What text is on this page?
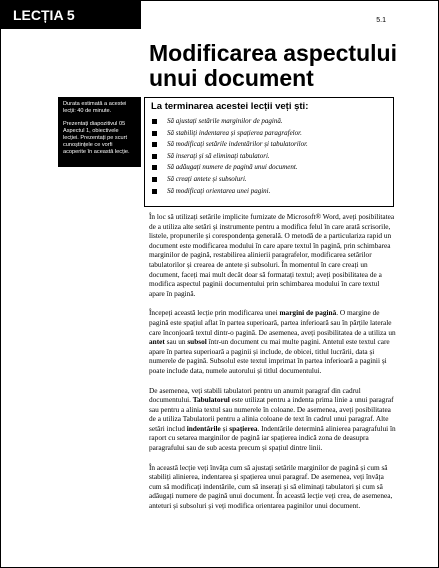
LECȚIA 5	5.1
Modificarea aspectului unui document

Durata estimată a acestei lecții: 40 de minute.

Prezentați diapozitivul 05 Aspectul 1, obiectivele lecției. Prezentați pe scurt cunoștințele ce vorfi acoperite în această lecție.

La terminarea acestei lecții veți ști:
Să ajustați setările marginilor de pagină.
Să stabiliți indentarea și spațierea paragrafelor.
Să modificați setările indentărilor și tabulatorilor.
Să inserați și să eliminați tabulatori.
Să adăugați numere de pagină unui document.
Să creați antete și subsoluri.
Să modificați orientarea unei pagini.

În loc să utilizați setările implicite furnizate de Microsoft® Word, aveți posibilitatea de a utiliza alte setări și instrumente pentru a modifica felul în care arată scrisorile, listele, propunerile și corespondența generală. O metodă de a particulariza rapid un document este modificarea modului în care apare textul în pagină, prin schimbarea marginilor de pagină, restabilirea alinierii paragrafelor, modificarea setărilor tabulatorilor și crearea de antete și subsoluri. În momentul în care creați un document, faceți mai mult decât doar să formatați textul; aveți posibilitatea de a modifica aspectul paginii documentului prin schimbarea modului în care textul apare în pagină.

Începeți această lecție prin modificarea unei margini de pagină. O margine de pagină este spațiul aflat în partea superioară, partea inferioară sau în părțile laterale care înconjoară textul dintr-o pagină. De asemenea, aveți posibilitatea de a utiliza un antet sau un subsol într-un document cu mai multe pagini. Antetul este textul care apare în partea superioară a paginii și include, de obicei, titlul lucrării, data și numerele de pagină. Subsolul este textul imprimat în partea inferioară a paginii și poate include data, numele autorului și titlul documentului.

De asemenea, veți stabili tabulatori pentru un anumit paragraf din cadrul documentului. Tabulatorul este utilizat pentru a indenta prima linie a unui paragraf sau pentru a alinia textul sau numerele în coloane. De asemenea, aveți posibilitatea de a utiliza Tabulatorii pentru a alinia coloane de text în cadrul unui paragraf. Alte setări includ indentările și spațierea. Indentările determină alinierea paragrafului în raport cu setarea marginilor de pagină iar spațierea indică zona de deasupra paragrafului sau de sub acesta precum și spațiul dintre linii.

În această lecție veți învăța cum să ajustați setările marginilor de pagină și cum să stabiliți alinierea, indentarea și spațierea unui paragraf. De asemenea, veți învăța cum să modificați indentările, cum să inserați și să eliminați tabulatori și cum să adăugați numere de pagină unui document. În această lecție veți crea, de asemenea, anteturi și subsoluri și veți modifica orientarea paginilor unui document.
